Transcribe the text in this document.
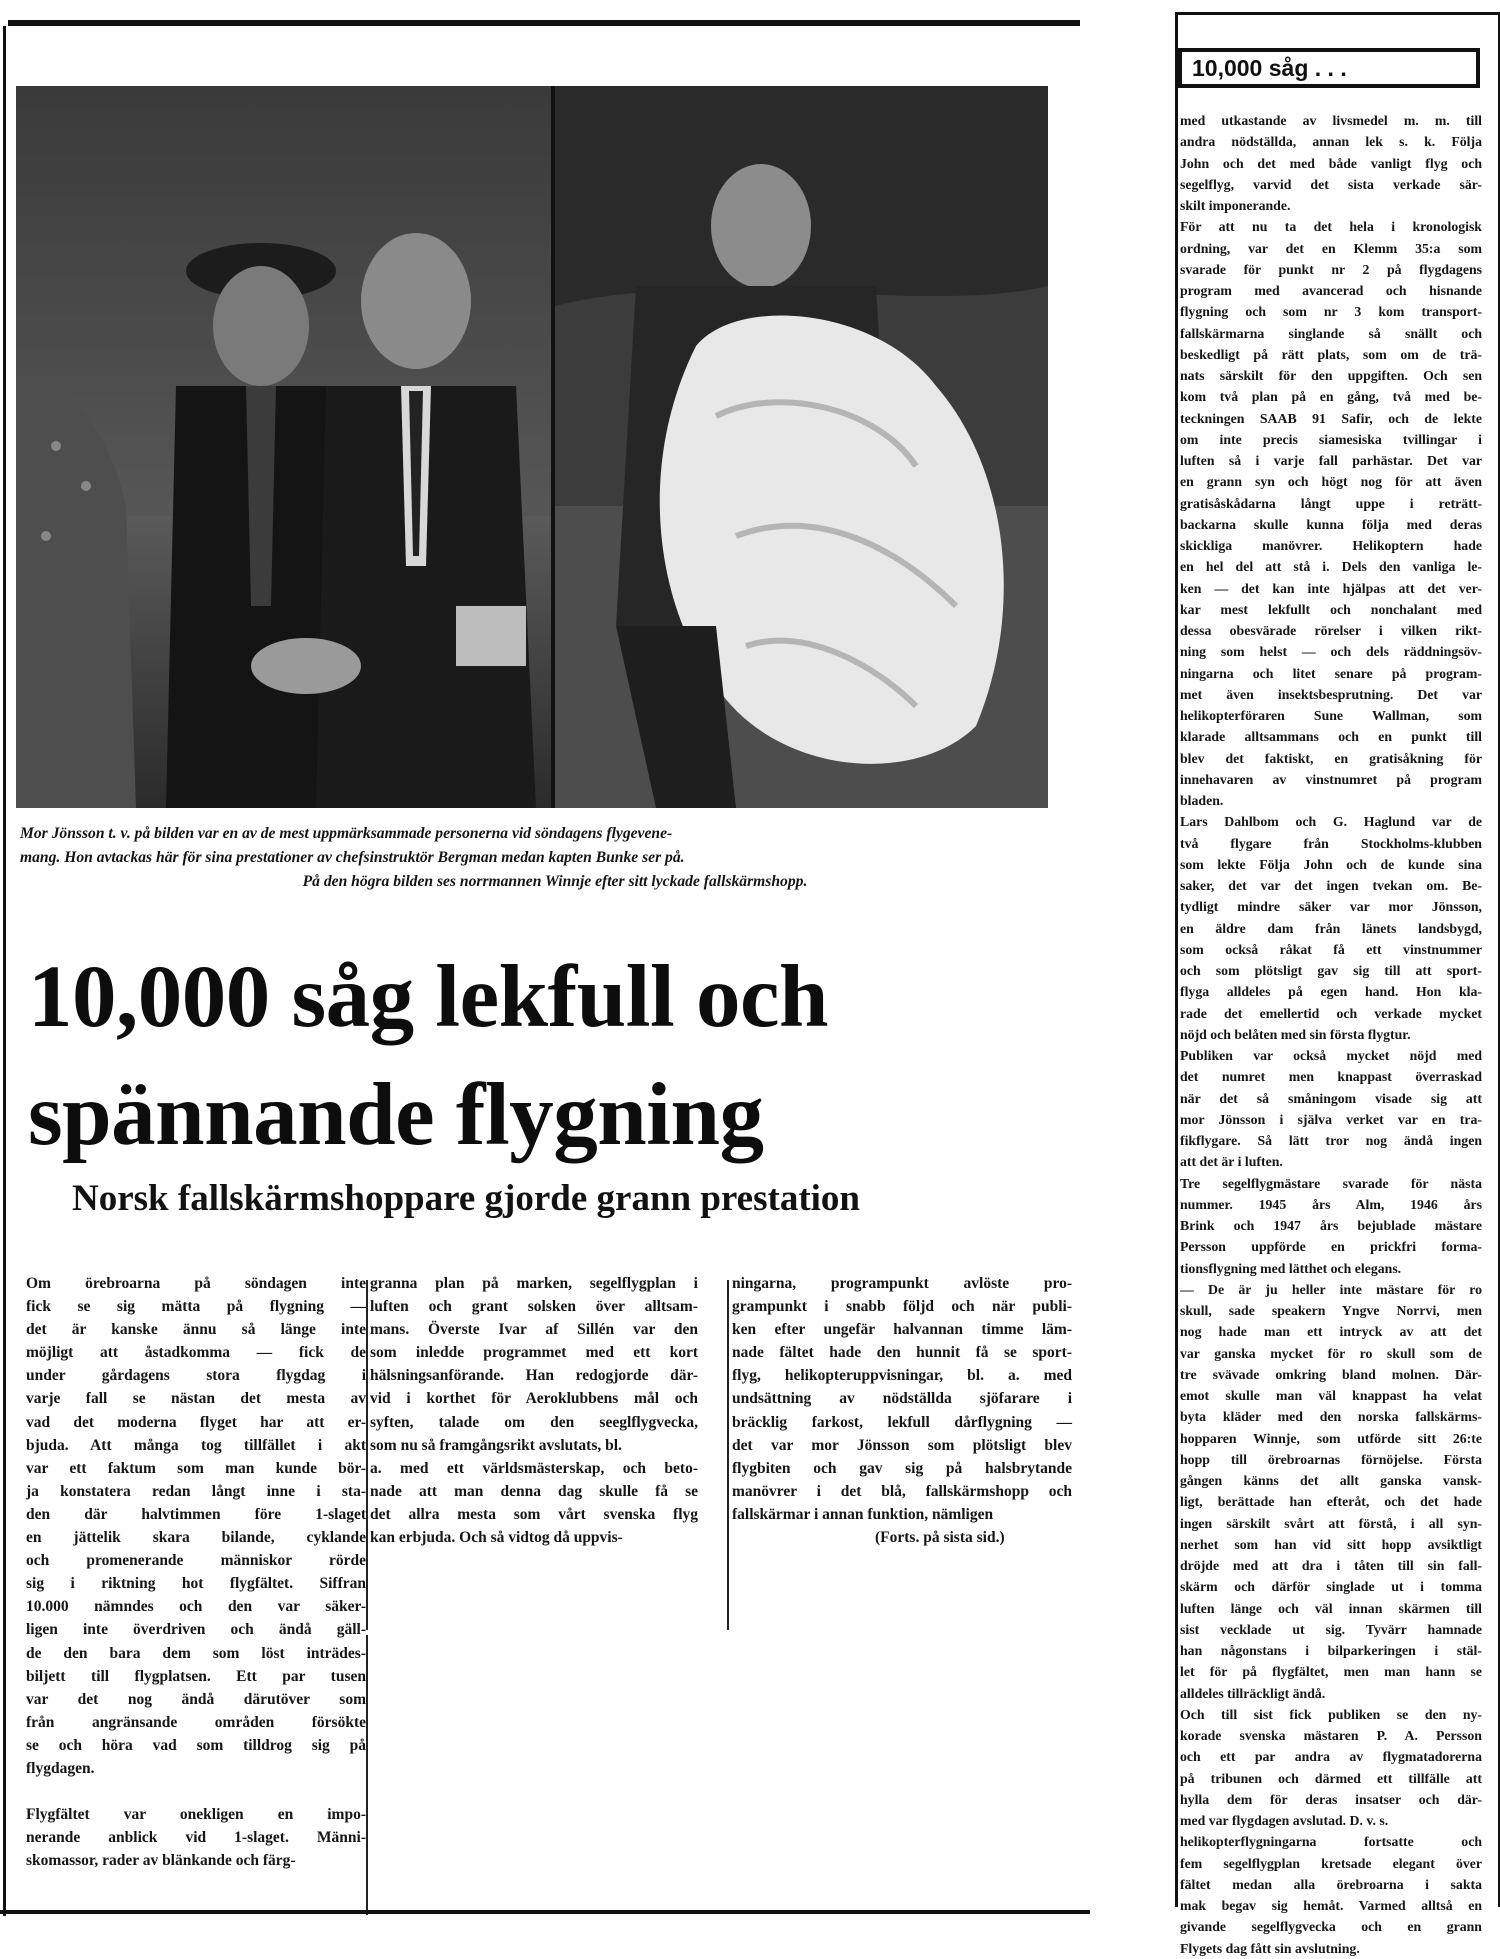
Mor Jönsson t. v. på bilden var en av de mest uppmärksammade personerna vid söndagens flygevene-

mang. Hon avtackas här för sina prestationer av chefsinstruktör Bergman medan kapten Bunke ser på.

På den högra bilden ses norrmannen Winnje efter sitt lyckade fallskärmshopp.

10,000 såg lekfull och
spännande flygning
Norsk fallskärmshoppare gjorde grann prestation

Om örebroarna på söndagen inte

fick se sig mätta på flygning —

det är kanske ännu så länge inte

möjligt att åstadkomma — fick de

under gårdagens stora flygdag i

varje fall se nästan det mesta av

vad det moderna flyget har att er-

bjuda. Att många tog tillfället i akt

var ett faktum som man kunde bör-

ja konstatera redan långt inne i sta-

den där halvtimmen före 1-slaget

en jättelik skara bilande, cyklande

och promenerande människor rörde

sig i riktning hot flygfältet. Siffran

10.000 nämndes och den var säker-

ligen inte överdriven och ändå gäll-

de den bara dem som löst inträdes-

biljett till flygplatsen. Ett par tusen

var det nog ändå därutöver som

från angränsande områden försökte

se och höra vad som tilldrog sig på

flygdagen.

Flygfältet var onekligen en impo-

nerande anblick vid 1-slaget. Männi-

skomassor, rader av blänkande och färg-

granna plan på marken, segelflygplan i

luften och grant solsken över alltsam-

mans. Överste Ivar af Sillén var den

som inledde programmet med ett kort

hälsningsanförande. Han redogjorde där-

vid i korthet för Aeroklubbens mål och

syften, talade om den seeglflygvecka,

som nu så framgångsrikt avslutats, bl.

a. med ett världsmästerskap, och beto-

nade att man denna dag skulle få se

det allra mesta som vårt svenska flyg

kan erbjuda. Och så vidtog då uppvis-

ningarna, programpunkt avlöste pro-

grampunkt i snabb följd och när publi-

ken efter ungefär halvannan timme läm-

nade fältet hade den hunnit få se sport-

flyg, helikopteruppvisningar, bl. a. med

undsättning av nödställda sjöfarare i

bräcklig farkost, lekfull dårflygning —

det var mor Jönsson som plötsligt blev

flygbiten och gav sig på halsbrytande

manövrer i det blå, fallskärmshopp och

fallskärmar i annan funktion, nämligen

(Forts. på sista sid.)

10,000 såg . . .

med utkastande av livsmedel m. m. till

andra nödställda, annan lek s. k. Följa

John och det med både vanligt flyg och

segelflyg, varvid det sista verkade sär-

skilt imponerande.

För att nu ta det hela i kronologisk

ordning, var det en Klemm 35:a som

svarade för punkt nr 2 på flygdagens

program med avancerad och hisnande

flygning och som nr 3 kom transport-

fallskärmarna singlande så snällt och

beskedligt på rätt plats, som om de trä-

nats särskilt för den uppgiften. Och sen

kom två plan på en gång, två med be-

teckningen SAAB 91 Safir, och de lekte

om inte precis siamesiska tvillingar i

luften så i varje fall parhästar. Det var

en grann syn och högt nog för att även

gratisåskådarna långt uppe i reträtt-

backarna skulle kunna följa med deras

skickliga manövrer. Helikoptern hade

en hel del att stå i. Dels den vanliga le-

ken — det kan inte hjälpas att det ver-

kar mest lekfullt och nonchalant med

dessa obesvärade rörelser i vilken rikt-

ning som helst — och dels räddningsöv-

ningarna och litet senare på program-

met även insektsbesprutning. Det var

helikopterföraren Sune Wallman, som

klarade alltsammans och en punkt till

blev det faktiskt, en gratisåkning för

innehavaren av vinstnumret på program

bladen.

Lars Dahlbom och G. Haglund var de

två flygare från Stockholms-klubben

som lekte Följa John och de kunde sina

saker, det var det ingen tvekan om. Be-

tydligt mindre säker var mor Jönsson,

en äldre dam från länets landsbygd,

som också råkat få ett vinstnummer

och som plötsligt gav sig till att sport-

flyga alldeles på egen hand. Hon kla-

rade det emellertid och verkade mycket

nöjd och belåten med sin första flygtur.

Publiken var också mycket nöjd med

det numret men knappast överraskad

när det så småningom visade sig att

mor Jönsson i själva verket var en tra-

fikflygare. Så lätt tror nog ändå ingen

att det är i luften.

Tre segelflygmästare svarade för nästa

nummer. 1945 års Alm, 1946 års

Brink och 1947 års bejublade mästare

Persson uppförde en prickfri forma-

tionsflygning med lätthet och elegans.

— De är ju heller inte mästare för ro

skull, sade speakern Yngve Norrvi, men

nog hade man ett intryck av att det

var ganska mycket för ro skull som de

tre svävade omkring bland molnen. Där-

emot skulle man väl knappast ha velat

byta kläder med den norska fallskärms-

hopparen Winnje, som utförde sitt 26:te

hopp till örebroarnas förnöjelse. Första

gången känns det allt ganska vansk-

ligt, berättade han efteråt, och det hade

ingen särskilt svårt att förstå, i all syn-

nerhet som han vid sitt hopp avsiktligt

dröjde med att dra i tåten till sin fall-

skärm och därför singlade ut i tomma

luften länge och väl innan skärmen till

sist vecklade ut sig. Tyvärr hamnade

han någonstans i bilparkeringen i stäl-

let för på flygfältet, men man hann se

alldeles tillräckligt ändå.

Och till sist fick publiken se den ny-

korade svenska mästaren P. A. Persson

och ett par andra av flygmatadorerna

på tribunen och därmed ett tillfälle att

hylla dem för deras insatser och där-

med var flygdagen avslutad. D. v. s.

helikopterflygningarna fortsatte och

fem segelflygplan kretsade elegant över

fältet medan alla örebroarna i sakta

mak begav sig hemåt. Varmed alltså en

givande segelflygvecka och en grann

Flygets dag fått sin avslutning.
